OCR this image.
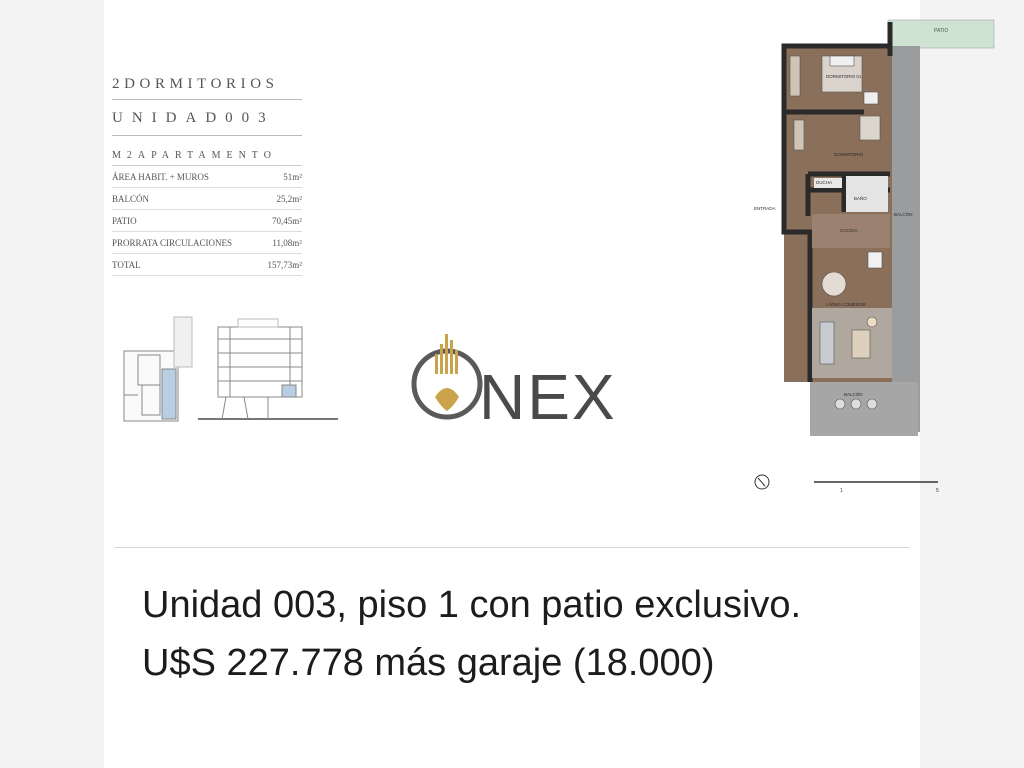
2DORMITORIOS
UNIDAD003
M2APARTAMENTO
ÁREA HABIT. + MUROS	51m²
BALCÓN	25,2m²
PATIO	70,45m²
PRORRATA CIRCULACIONES	11,08m²
TOTAL	157,73m²
NEX
PATIO
DORMITORIO 01
DORMITORIO
DUCHA
BAÑO
ENTRADA
COCINA
LIVING-COMEDOR
BALCÓN
BALCÓN
1	5
Unidad 003, piso 1 con patio exclusivo. U$S 227.778 más garaje (18.000)
